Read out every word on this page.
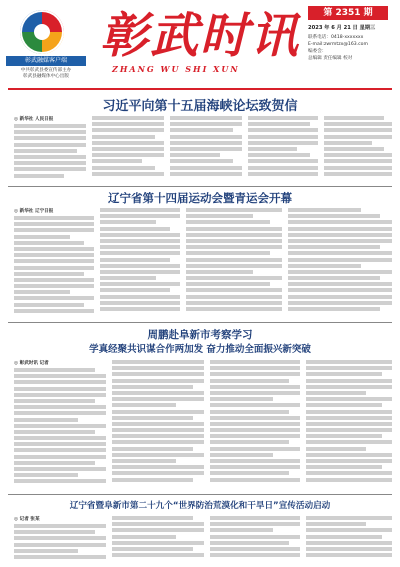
彰武融媒客户端
中共彰武县委宣传部主办
彰武县融媒体中心出版
彰武时讯
ZHANG WU SHI XUN
第 2351 期
2023 年 6 月 21 日 星期三
联系电话：0418-xxxxxxx
E-mail:zwrmtzx@163.com
编委会：
总编辑 责任编辑 校对
习近平向第十五届海峡论坛致贺信
◎ 新华社 人民日报
辽宁省第十四届运动会暨青运会开幕
◎ 新华社 辽宁日报
周鹏赴阜新市考察学习
学真经聚共识谋合作两加发 奋力推动全面振兴新突破
◎ 彰武时讯 记者
辽宁省暨阜新市第二十九个“世界防治荒漠化和干旱日”宣传活动启动
◎ 记者 张某
